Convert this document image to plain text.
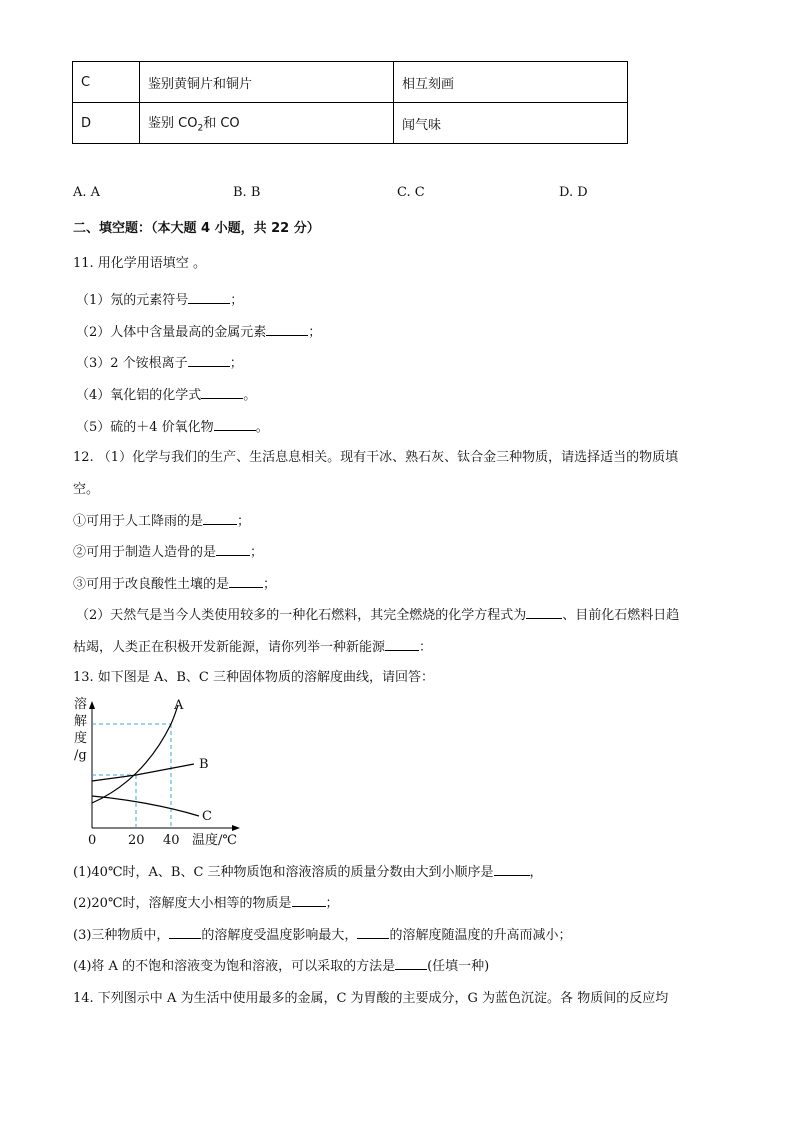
C	鉴别黄铜片和铜片	相互刻画
D	鉴别 $CO_2$和 CO	闻气味
A. A	B. B	C. C	D. D
二、填空题：（本大题 4 小题，共 22 分）
11. 用化学用语填空 。
（1）氖的元素符号	；
（2）人体中含量最高的金属元素	；
（3）2 个铵根离子	；
（4）氧化铝的化学式	。
（5）硫的＋4 价氧化物	。
12. （1）化学与我们的生产、生活息息相关。现有干冰、熟石灰、钛合金三种物质，请选择适当的物质填
空。
①可用于人工降雨的是	；
②可用于制造人造骨的是	；
③可用于改良酸性土壤的是	；
（2）天然气是当今人类使用较多的一种化石燃料，其完全燃烧的化学方程式为	、目前化石燃料日趋
枯竭，人类正在积极开发新能源，请你列举一种新能源	：
13. 如下图是 A、B、C 三种固体物质的溶解度曲线，请回答：
溶
解
度
/g
A
B
C
0 20 40 温度/℃
(1)40℃时，A、B、C 三种物质饱和溶液溶质的质量分数由大到小顺序是	，
(2)20℃时，溶解度大小相等的物质是	；
(3)三种物质中， 的溶解度受温度影响最大， 的溶解度随温度的升高而减小；
(4)将 A 的不饱和溶液变为饱和溶液，可以采取的方法是 (任填一种)
14. 下列图示中 A 为生活中使用最多的金属，C 为胃酸的主要成分，G 为蓝色沉淀。各 物质间的反应均
